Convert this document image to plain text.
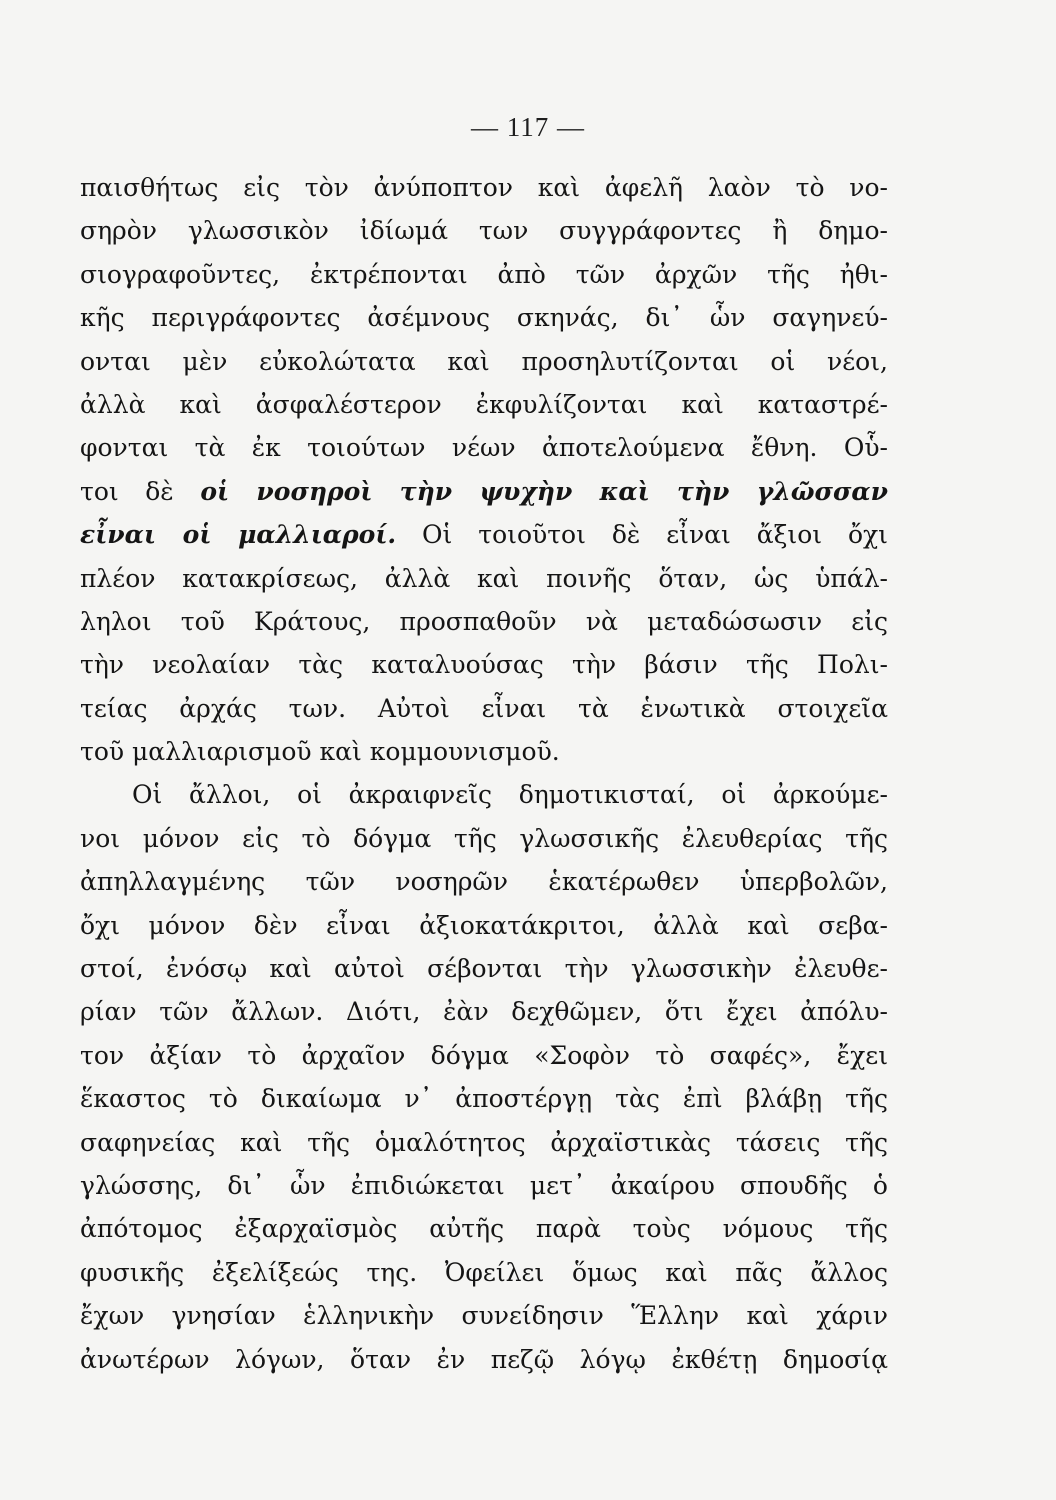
— 117 —
παισθήτως εἰς τὸν ἀνύποπτον καὶ ἀφελῆ λαὸν τὸ νο-
σηρὸν γλωσσικὸν ἰδίωμά των συγγράφοντες ἢ δημο-
σιογραφοῦντες, ἐκτρέπονται ἀπὸ τῶν ἀρχῶν τῆς ἠθι-
κῆς περιγράφοντες ἀσέμνους σκηνάς, δι᾽ ὧν σαγηνεύ-
ονται μὲν εὐκολώτατα καὶ προσηλυτίζονται οἱ νέοι,
ἀλλὰ καὶ ἀσφαλέστερον ἐκφυλίζονται καὶ καταστρέ-
φονται τὰ ἐκ τοιούτων νέων ἀποτελούμενα ἔθνη. Οὗ-
τοι δὲ οἱ νοσηροὶ τὴν ψυχὴν καὶ τὴν γλῶσσαν
εἶναι οἱ μαλλιαροί. Οἱ τοιοῦτοι δὲ εἶναι ἄξιοι ὄχι
πλέον κατακρίσεως, ἀλλὰ καὶ ποινῆς ὅταν, ὡς ὑπάλ-
ληλοι τοῦ Κράτους, προσπαθοῦν νὰ μεταδώσωσιν εἰς
τὴν νεολαίαν τὰς καταλυούσας τὴν βάσιν τῆς Πολι-
τείας ἀρχάς των. Αὐτοὶ εἶναι τὰ ἑνωτικὰ στοιχεῖα
τοῦ μαλλιαρισμοῦ καὶ κομμουνισμοῦ.
Οἱ ἄλλοι, οἱ ἀκραιφνεῖς δημοτικισταί, οἱ ἀρκούμε-
νοι μόνον εἰς τὸ δόγμα τῆς γλωσσικῆς ἐλευθερίας τῆς
ἀπηλλαγμένης τῶν νοσηρῶν ἑκατέρωθεν ὑπερβολῶν,
ὄχι μόνον δὲν εἶναι ἀξιοκατάκριτοι, ἀλλὰ καὶ σεβα-
στοί, ἐνόσῳ καὶ αὐτοὶ σέβονται τὴν γλωσσικὴν ἐλευθε-
ρίαν τῶν ἄλλων. Διότι, ἐὰν δεχθῶμεν, ὅτι ἔχει ἀπόλυ-
τον ἀξίαν τὸ ἀρχαῖον δόγμα «Σοφὸν τὸ σαφές», ἔχει
ἕκαστος τὸ δικαίωμα ν᾽ ἀποστέργῃ τὰς ἐπὶ βλάβῃ τῆς
σαφηνείας καὶ τῆς ὁμαλότητος ἀρχαϊστικὰς τάσεις τῆς
γλώσσης, δι᾽ ὧν ἐπιδιώκεται μετ᾽ ἀκαίρου σπουδῆς ὁ
ἀπότομος ἐξαρχαϊσμὸς αὐτῆς παρὰ τοὺς νόμους τῆς
φυσικῆς ἐξελίξεώς της. Ὀφείλει ὅμως καὶ πᾶς ἄλλος
ἔχων γνησίαν ἑλληνικὴν συνείδησιν Ἕλλην καὶ χάριν
ἀνωτέρων λόγων, ὅταν ἐν πεζῷ λόγῳ ἐκθέτῃ δημοσίᾳ
